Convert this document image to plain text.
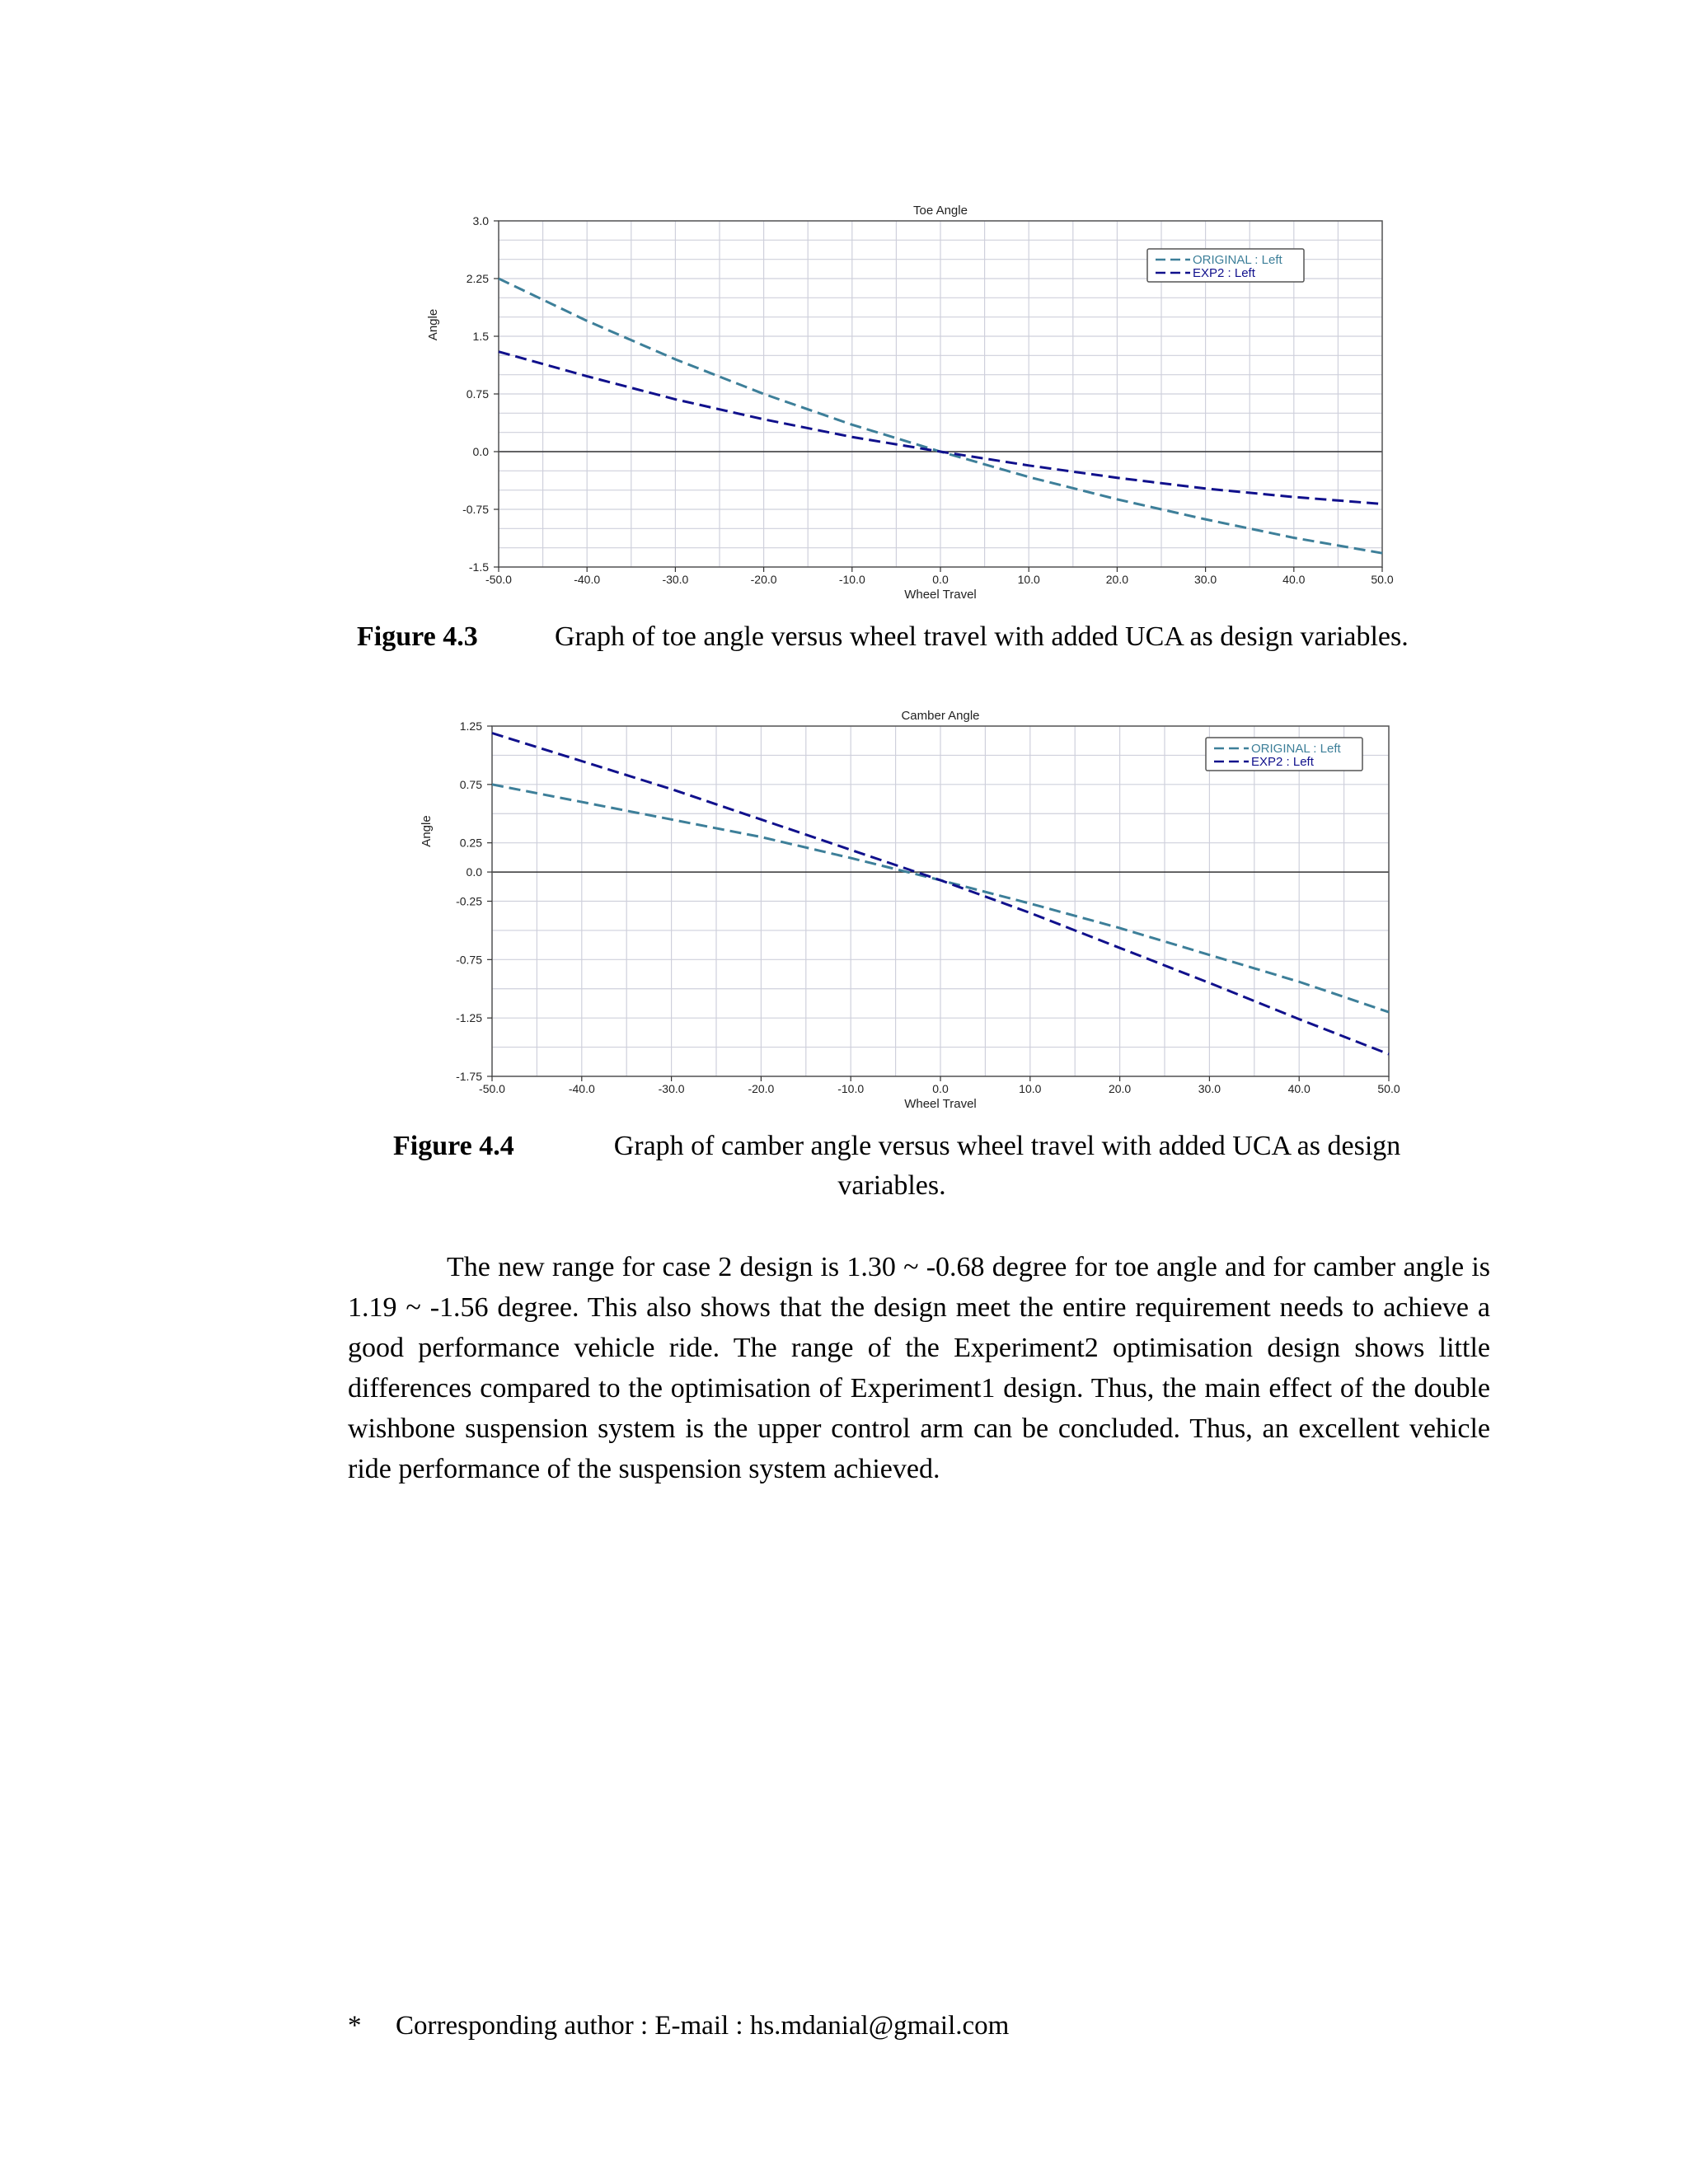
-50.0	-40.0	-30.0	-20.0	-10.0	0.0	10.0	20.0	30.0	40.0	50.0
3.0
2.25
1.5
0.75
0.0
-0.75
-1.5
Toe Angle
Wheel Travel
Angle
ORIGINAL : Left
EXP2 : Left
Figure 4.3	Graph of toe angle versus wheel travel with added UCA as design variables.
-50.0	-40.0	-30.0	-20.0	-10.0	0.0	10.0	20.0	30.0	40.0	50.0
1.25
0.75
0.25
0.0
-0.25
-0.75
-1.25
-1.75
Camber Angle
Wheel Travel
Angle
ORIGINAL : Left
EXP2 : Left
Figure 4.4	Graph of camber angle versus wheel travel with added UCA as design
variables.

The new range for case 2 design is 1.30 ~ -0.68 degree for toe angle and for camber angle is 1.19 ~ -1.56 degree. This also shows that the design meet the entire requirement needs to achieve a good performance vehicle ride. The range of the Experiment2 optimisation design shows little differences compared to the optimisation of Experiment1 design. Thus, the main effect of the double wishbone suspension system is the upper control arm can be concluded. Thus, an excellent vehicle ride performance of the suspension system achieved.

* Corresponding author : E-mail : hs.mdanial@gmail.com
